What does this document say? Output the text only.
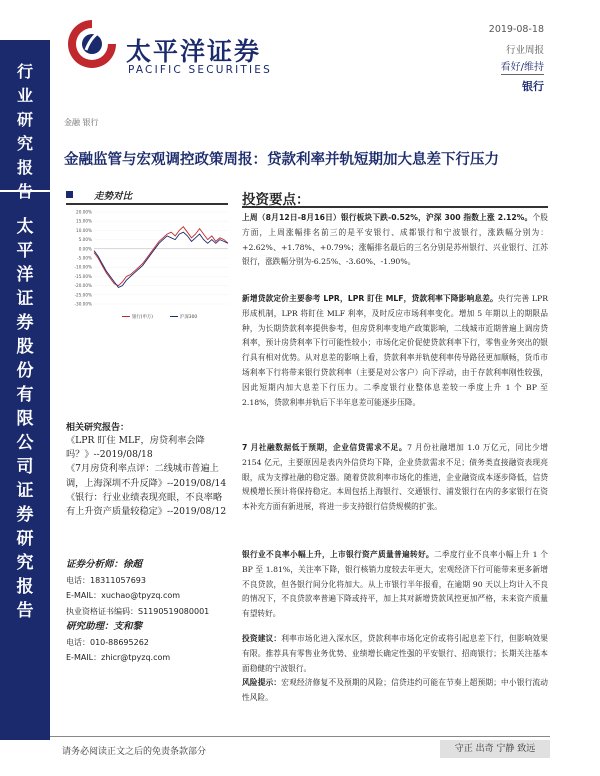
行
业
研
究
报
告
太
平
洋
证
券
股
份
有
限
公
司
证
券
研
究
报
告
太平洋证券
PACIFIC SECURITIES
2019-08-18
行业周报
看好/维持
银行
金融 银行
金融监管与宏观调控政策周报：贷款利率并轨短期加大息差下行压力
走势对比
20.00%
15.00%
10.00%
5.00%
0.00%
-5.00%
-10.00%
-15.00%
-20.00%
-25.00%
-30.00%
银行(申万)	沪深300
相关研究报告：
《LPR 盯住 MLF，房贷利率会降吗？》--2019/08/18
《7月房贷利率点评：二线城市普遍上调，上海深圳不升反降》--2019/08/14
《银行：行业业绩表现亮眼，不良率略有上升资产质量较稳定》--2019/08/12
证券分析师：徐超
电话：18311057693
E-MAIL：xuchao@tpyzq.com
执业资格证书编码：S1190519080001
研究助理：支和黎
电话：010-88695262
E-MAIL：zhicr@tpyzq.com
投资要点：
上周（8月12日-8月16日）银行板块下跌-0.52%，沪深 300 指数上涨 2.12%。个股方面，上周涨幅排名前三的是平安银行、成都银行和宁波银行，涨跌幅分别为：+2.62%、+1.78%、+0.79%；涨幅排名最后的三名分别是苏州银行、兴业银行、江苏银行，涨跌幅分别为-6.25%、-3.60%、-1.90%。
新增贷款定价主要参考 LPR，LPR 盯住 MLF，贷款利率下降影响息差。央行完善 LPR 形成机制，LPR 将盯住 MLF 利率，及时反应市场利率变化。增加 5 年期以上的期限品种，为长期贷款利率提供参考，但房贷利率变地产政策影响，二线城市近期普遍上调房贷利率，预计房贷利率下行可能性较小；市场化定价促使贷款利率下行，零售业务突出的银行具有相对优势。从对息差的影响上看，贷款利率并轨使利率传导路径更加顺畅，货币市场利率下行将带来银行贷款利率（主要是对公客户）向下浮动，由于存款利率刚性较强，因此短期内加大息差下行压力。二季度银行业整体息差较一季度上升 1 个 BP 至 2.18%，贷款利率并轨后下半年息差可能逐步压降。
7 月社融数据低于预期，企业信贷需求不足。7 月份社融增加 1.0 万亿元，同比少增 2154 亿元，主要原因是表内外信贷均下降，企业贷款需求不足；债务类直接融资表现亮眼，成为支撑社融的稳定器。随着贷款利率市场化的推进，企业融资成本逐步降低，信贷规模增长预计将保持稳定。本周包括上海银行、交通银行、浦发银行在内的多家银行在资本补充方面有新进展，将进一步支持银行信贷规模的扩张。
银行业不良率小幅上升，上市银行资产质量普遍转好。二季度行业不良率小幅上升 1 个 BP 至 1.81%，关注率下降，银行核销力度较去年更大，宏观经济下行可能带来更多新增不良贷款，但各银行间分化将加大。从上市银行半年报看，在逾期 90 天以上均计入不良的情况下，不良贷款率普遍下降或持平，加上其对新增贷款风控更加严格，未来资产质量有望转好。
投资建议：利率市场化进入深水区，贷款利率市场化定价或将引起息差下行，但影响效果有限。推荐具有零售业务优势、业绩增长确定性强的平安银行、招商银行；长期关注基本面稳健的宁波银行。
风险提示：宏观经济修复不及预期的风险；信贷违约可能在节奏上超预期；中小银行流动性风险。
请务必阅读正文之后的免责条款部分	守正 出奇 宁静 致远
